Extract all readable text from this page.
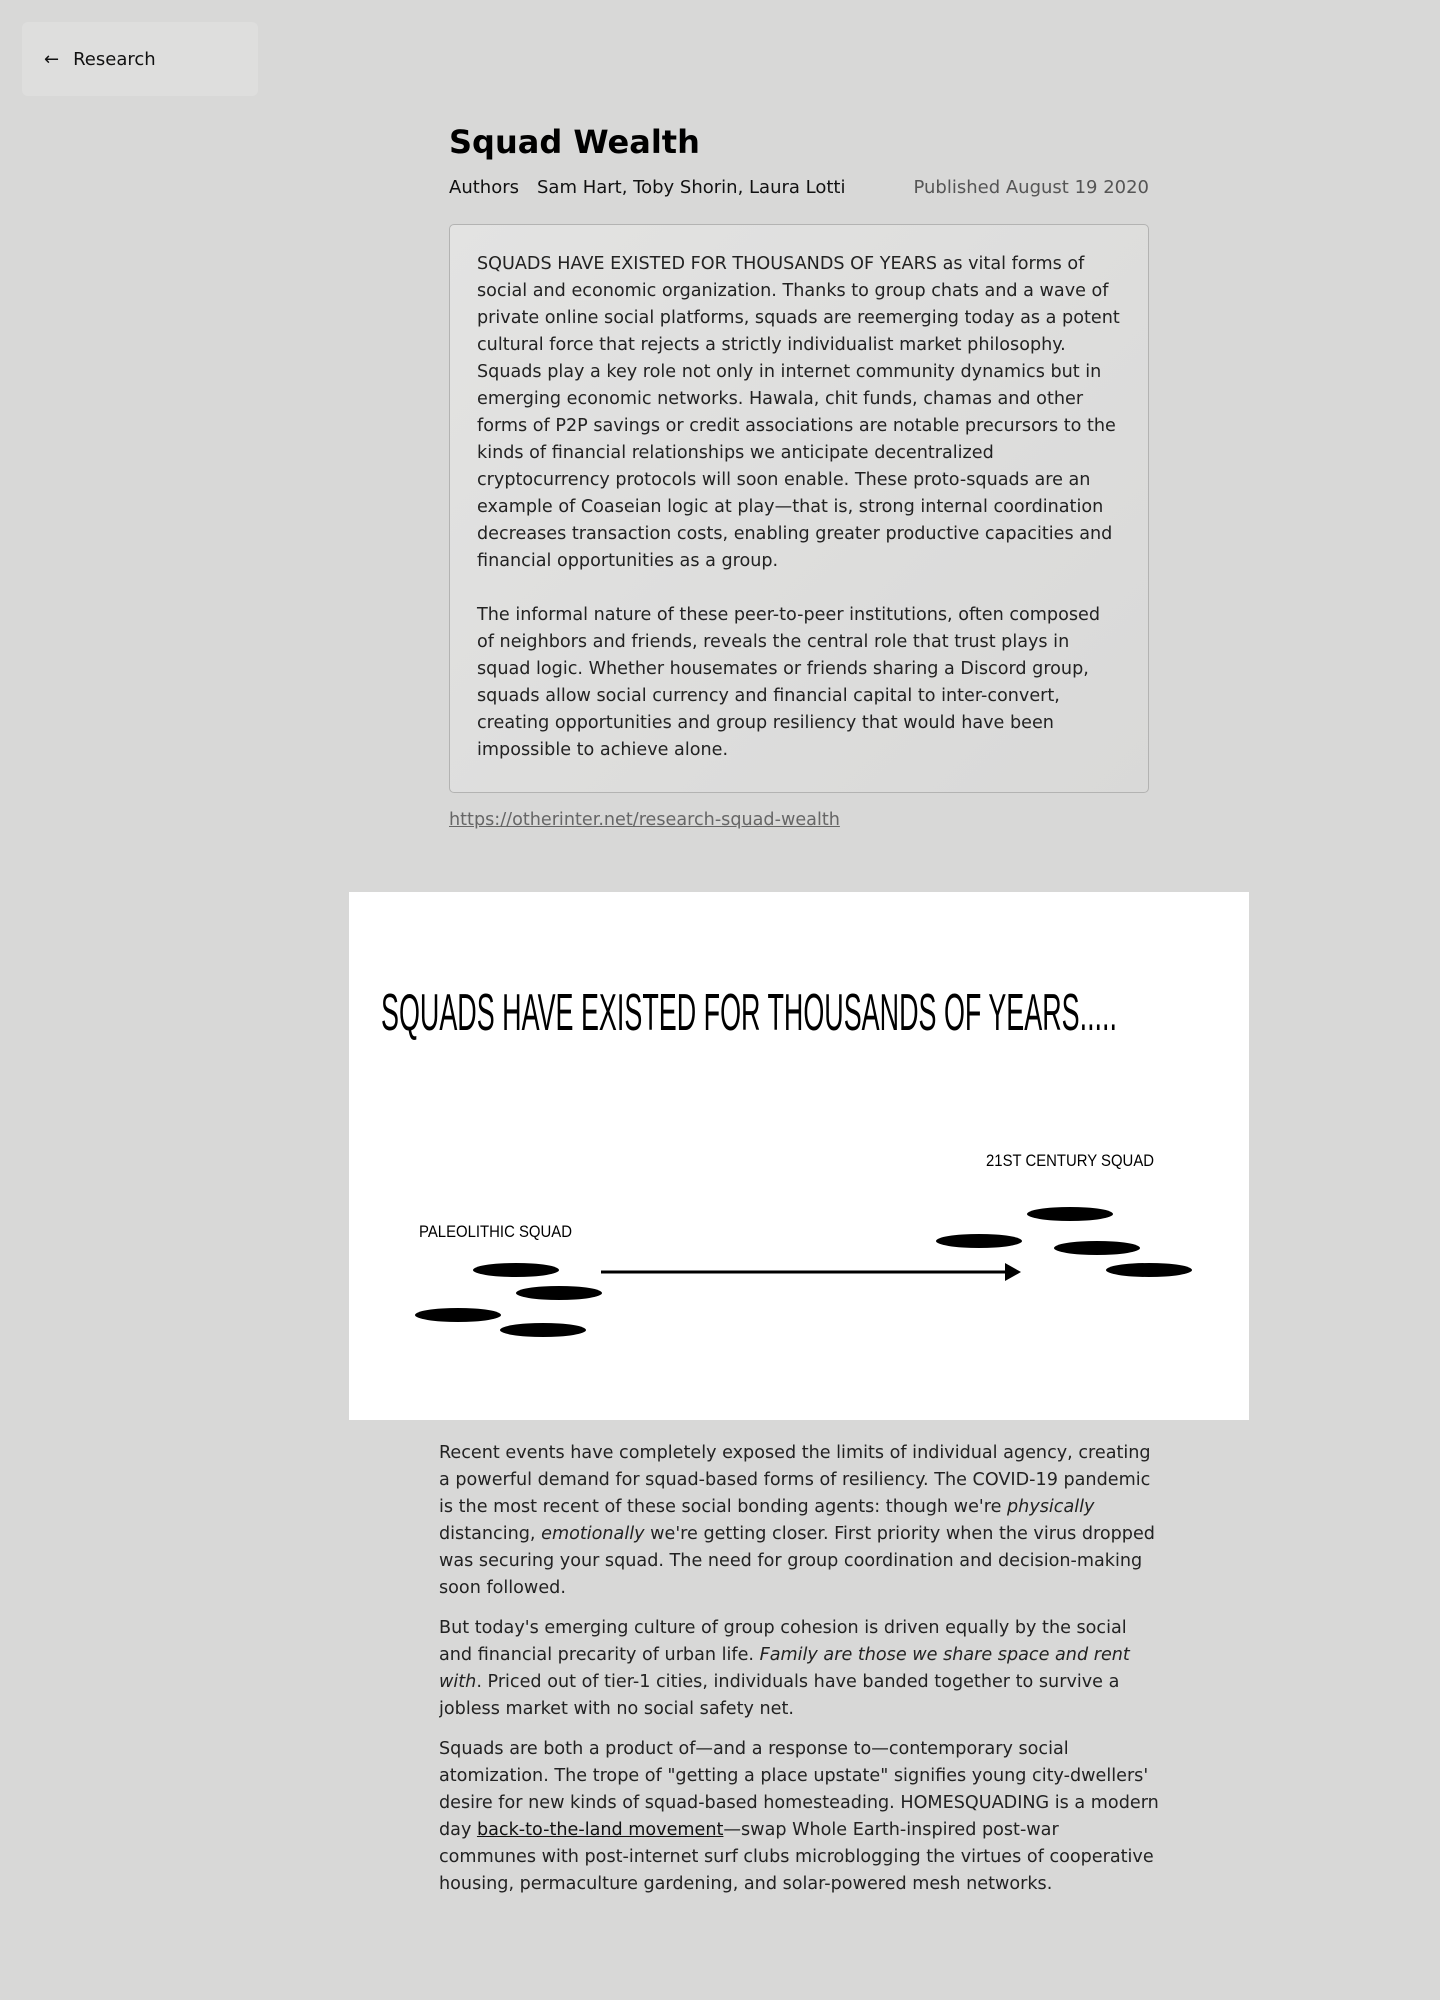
← Research
Squad Wealth
Authors Sam Hart, Toby Shorin, Laura Lotti	Published August 19 2020

SQUADS HAVE EXISTED FOR THOUSANDS OF YEARS as vital forms of social and economic organization. Thanks to group chats and a wave of private online social platforms, squads are reemerging today as a potent cultural force that rejects a strictly individualist market philosophy. Squads play a key role not only in internet community dynamics but in emerging economic networks. Hawala, chit funds, chamas and other forms of P2P savings or credit associations are notable precursors to the kinds of financial relationships we anticipate decentralized cryptocurrency protocols will soon enable. These proto-squads are an example of Coaseian logic at play—that is, strong internal coordination decreases transaction costs, enabling greater productive capacities and financial opportunities as a group.

The informal nature of these peer-to-peer institutions, often composed of neighbors and friends, reveals the central role that trust plays in squad logic. Whether housemates or friends sharing a Discord group, squads allow social currency and financial capital to inter-convert, creating opportunities and group resiliency that would have been impossible to achieve alone.

https://otherinter.net/research-squad-wealth
SQUADS HAVE EXISTED FOR THOUSANDS OF YEARS.....
PALEOLITHIC SQUAD
21ST CENTURY SQUAD

Recent events have completely exposed the limits of individual agency, creating a powerful demand for squad-based forms of resiliency. The COVID-19 pandemic is the most recent of these social bonding agents: though we're physically distancing, emotionally we're getting closer. First priority when the virus dropped was securing your squad. The need for group coordination and decision-making soon followed.

But today's emerging culture of group cohesion is driven equally by the social and financial precarity of urban life. Family are those we share space and rent with. Priced out of tier-1 cities, individuals have banded together to survive a jobless market with no social safety net.

Squads are both a product of—and a response to—contemporary social atomization. The trope of "getting a place upstate" signifies young city-dwellers' desire for new kinds of squad-based homesteading. HOMESQUADING is a modern day back-to-the-land movement—swap Whole Earth-inspired post-war communes with post-internet surf clubs microblogging the virtues of cooperative housing, permaculture gardening, and solar-powered mesh networks.
